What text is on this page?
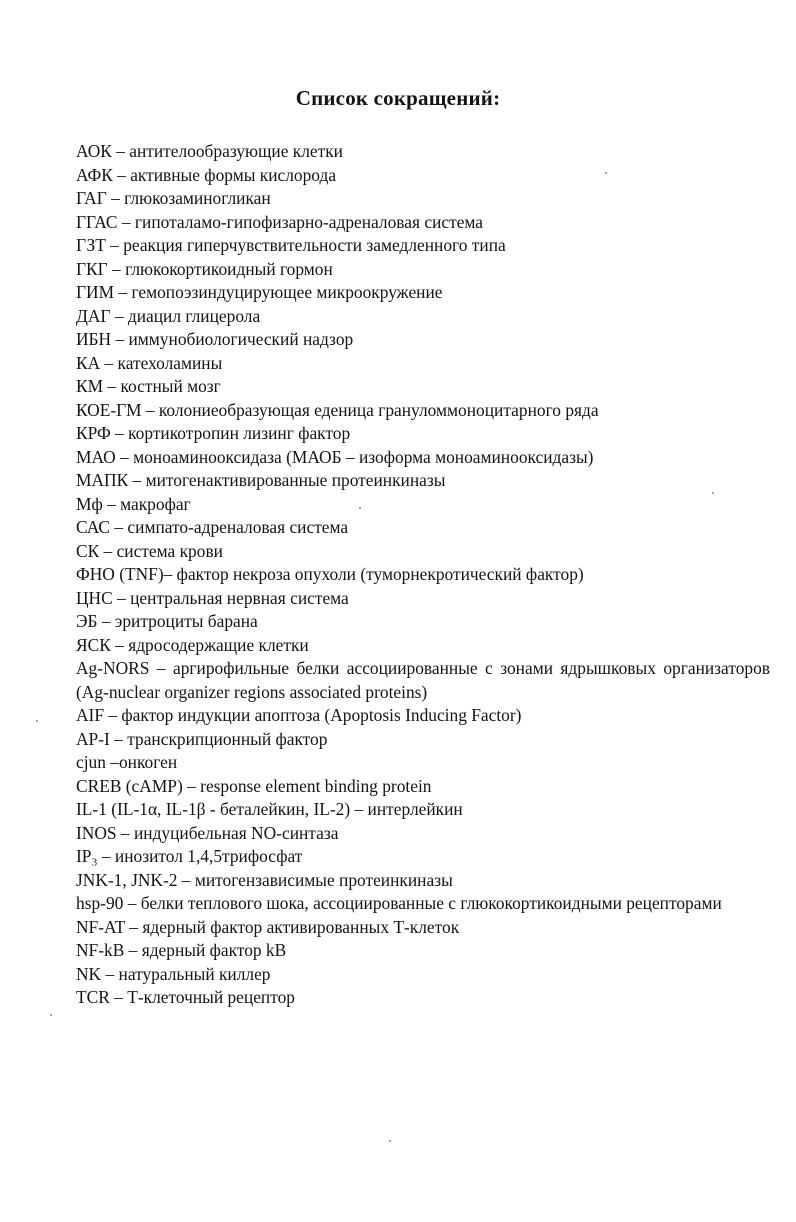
Список сокращений:
АОК – антителообразующие клетки
АФК – активные формы кислорода
ГАГ – глюкозаминогликан
ГГАС – гипоталамо-гипофизарно-адреналовая система
ГЗТ – реакция гиперчувствительности замедленного типа
ГКГ – глюкокортикоидный гормон
ГИМ – гемопоэзиндуцирующее микроокружение
ДАГ – диацил глицерола
ИБН – иммунобиологический надзор
КА – катехоламины
КМ – костный мозг
КОЕ-ГМ – колониеобразующая еденица грануломмоноцитарного ряда
КРФ – кортикотропин лизинг фактор
МАО – моноаминооксидаза (МАОБ – изоформа моноаминооксидазы)
МАПК – митогенактивированные протеинкиназы
Мф – макрофаг
САС – симпато-адреналовая система
СК – система крови
ФНО (TNF)– фактор некроза опухоли (туморнекротический фактор)
ЦНС – центральная нервная система
ЭБ – эритроциты барана
ЯСК – ядросодержащие клетки
Ag-NORS – аргирофильные белки ассоциированные с зонами ядрышковых организаторов (Ag-nuclear organizer regions associated proteins)
AIF – фактор индукции апоптоза (Apoptosis Inducing Factor)
AP-I – транскрипционный фактор
cjun –онкоген
CREB (cAMP) – response element binding protein
IL-1 (IL-1α, IL-1β - беталейкин, IL-2) – интерлейкин
INOS – индуцибельная NO-синтаза
IP₃ – инозитол 1,4,5трифосфат
JNK-1, JNK-2 – митогензависимые протеинкиназы
hsp-90 – белки теплового шока, ассоциированные с глюкокортикоидными рецепторами
NF-AT – ядерный фактор активированных Т-клеток
NF-kB – ядерный фактор kB
NK – натуральный киллер
TCR – Т-клеточный рецептор
